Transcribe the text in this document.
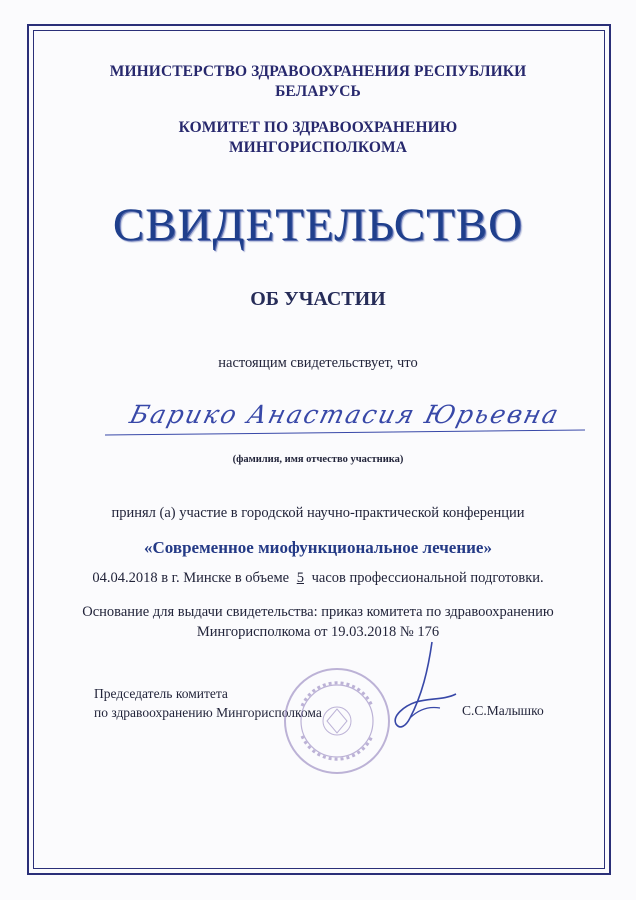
МИНИСТЕРСТВО ЗДРАВООХРАНЕНИЯ РЕСПУБЛИКИ
БЕЛАРУСЬ
КОМИТЕТ ПО ЗДРАВООХРАНЕНИЮ
МИНГОРИСПОЛКОМА
СВИДЕТЕЛЬСТВО
ОБ УЧАСТИИ
настоящим свидетельствует, что
Барико Анастасия Юрьевна
(фамилия, имя отчество участника)
принял (а) участие в городской научно-практической конференции
«Современное миофункциональное лечение»
04.04.2018 в г. Минске в объеме 5 часов профессиональной подготовки.
Основание для выдачи свидетельства: приказ комитета по здравоохранению
Мингорисполкома от 19.03.2018 № 176
Председатель комитета
по здравоохранению Мингорисполкома	С.С.Малышко
